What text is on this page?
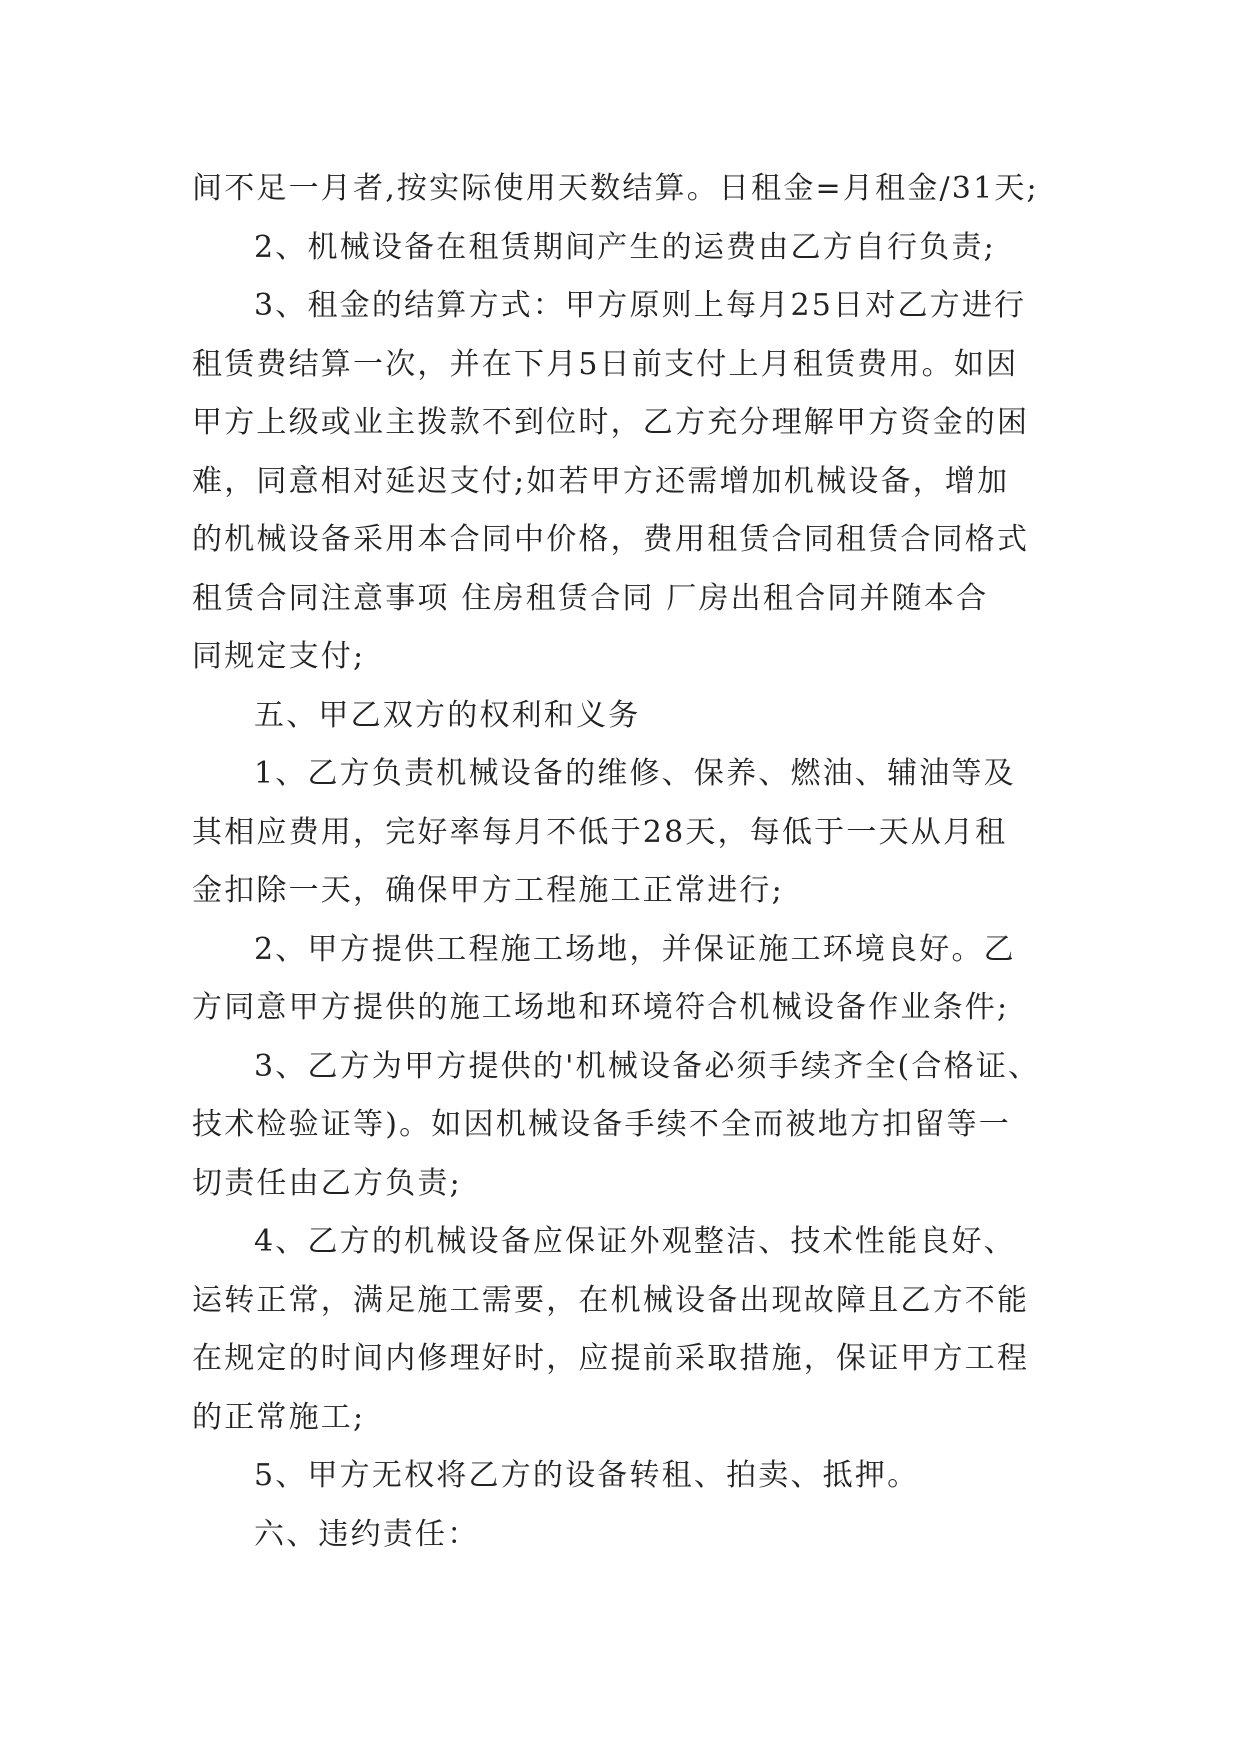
间不足一月者,按实际使用天数结算。日租金=月租金/31天;
2、机械设备在租赁期间产生的运费由乙方自行负责;
3、租金的结算方式：甲方原则上每月25日对乙方进行
租赁费结算一次，并在下月5日前支付上月租赁费用。如因
甲方上级或业主拨款不到位时，乙方充分理解甲方资金的困
难，同意相对延迟支付;如若甲方还需增加机械设备，增加
的机械设备采用本合同中价格，费用租赁合同租赁合同格式
租赁合同注意事项 住房租赁合同 厂房出租合同并随本合
同规定支付;
五、甲乙双方的权利和义务
1、乙方负责机械设备的维修、保养、燃油、辅油等及
其相应费用，完好率每月不低于28天，每低于一天从月租
金扣除一天，确保甲方工程施工正常进行;
2、甲方提供工程施工场地，并保证施工环境良好。乙
方同意甲方提供的施工场地和环境符合机械设备作业条件;
3、乙方为甲方提供的'机械设备必须手续齐全(合格证、
技术检验证等)。如因机械设备手续不全而被地方扣留等一
切责任由乙方负责;
4、乙方的机械设备应保证外观整洁、技术性能良好、
运转正常，满足施工需要，在机械设备出现故障且乙方不能
在规定的时间内修理好时，应提前采取措施，保证甲方工程
的正常施工;
5、甲方无权将乙方的设备转租、拍卖、抵押。
六、违约责任：
